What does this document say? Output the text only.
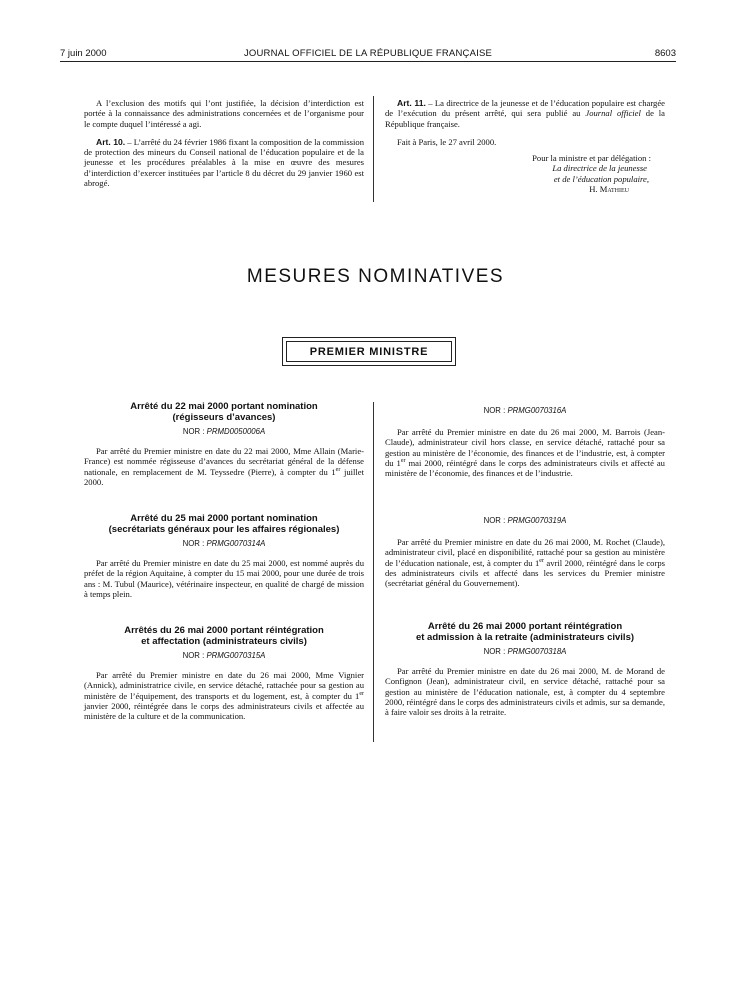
7 juin 2000	JOURNAL OFFICIEL DE LA RÉPUBLIQUE FRANÇAISE	8603

A l’exclusion des motifs qui l’ont justifiée, la décision d’interdiction est portée à la connaissance des administrations concernées et de l’organisme pour le compte duquel l’intéressé a agi.

Art. 10. – L’arrêté du 24 février 1986 fixant la composition de la commission de protection des mineurs du Conseil national de l’éducation populaire et de la jeunesse et les procédures préalables à la mise en œuvre des mesures d’interdiction d’exercer instituées par l’article 8 du décret du 29 janvier 1960 est abrogé.

Art. 11. – La directrice de la jeunesse et de l’éducation populaire est chargée de l’exécution du présent arrêté, qui sera publié au Journal officiel de la République française.

Fait à Paris, le 27 avril 2000.

Pour la ministre et par délégation :
La directrice de la jeunesse
et de l’éducation populaire,
H. Mathieu
MESURES NOMINATIVES
PREMIER MINISTRE
Arrêté du 22 mai 2000 portant nomination
(régisseurs d’avances)
NOR : PRMD0050006A

Par arrêté du Premier ministre en date du 22 mai 2000, Mme Allain (Marie-France) est nommée régisseuse d’avances du secrétariat général de la défense nationale, en remplacement de M. Teyssedre (Pierre), à compter du 1er juillet 2000.

Arrêté du 25 mai 2000 portant nomination
(secrétariats généraux pour les affaires régionales)
NOR : PRMG0070314A

Par arrêté du Premier ministre en date du 25 mai 2000, est nommé auprès du préfet de la région Aquitaine, à compter du 15 mai 2000, pour une durée de trois ans : M. Tubul (Maurice), vétérinaire inspecteur, en qualité de chargé de mission à temps plein.

Arrêtés du 26 mai 2000 portant réintégration
et affectation (administrateurs civils)
NOR : PRMG0070315A

Par arrêté du Premier ministre en date du 26 mai 2000, Mme Vignier (Annick), administratrice civile, en service détaché, rattachée pour sa gestion au ministère de l’équipement, des transports et du logement, est, à compter du 1er janvier 2000, réintégrée dans le corps des administrateurs civils et affectée au ministère de la culture et de la communication.

NOR : PRMG0070316A

Par arrêté du Premier ministre en date du 26 mai 2000, M. Barrois (Jean-Claude), administrateur civil hors classe, en service détaché, rattaché pour sa gestion au ministère de l’économie, des finances et de l’industrie, est, à compter du 1er mai 2000, réintégré dans le corps des administrateurs civils et affecté au ministère de l’économie, des finances et de l’industrie.

NOR : PRMG0070319A

Par arrêté du Premier ministre en date du 26 mai 2000, M. Rochet (Claude), administrateur civil, placé en disponibilité, rattaché pour sa gestion au ministère de l’éducation nationale, est, à compter du 1er avril 2000, réintégré dans le corps des administrateurs civils et affecté dans les services du Premier ministre (secrétariat général du Gouvernement).

Arrêté du 26 mai 2000 portant réintégration
et admission à la retraite (administrateurs civils)
NOR : PRMG0070318A

Par arrêté du Premier ministre en date du 26 mai 2000, M. de Morand de Confignon (Jean), administrateur civil, en service détaché, rattaché pour sa gestion au ministère de l’éducation nationale, est, à compter du 4 septembre 2000, réintégré dans le corps des administrateurs civils et admis, sur sa demande, à faire valoir ses droits à la retraite.
